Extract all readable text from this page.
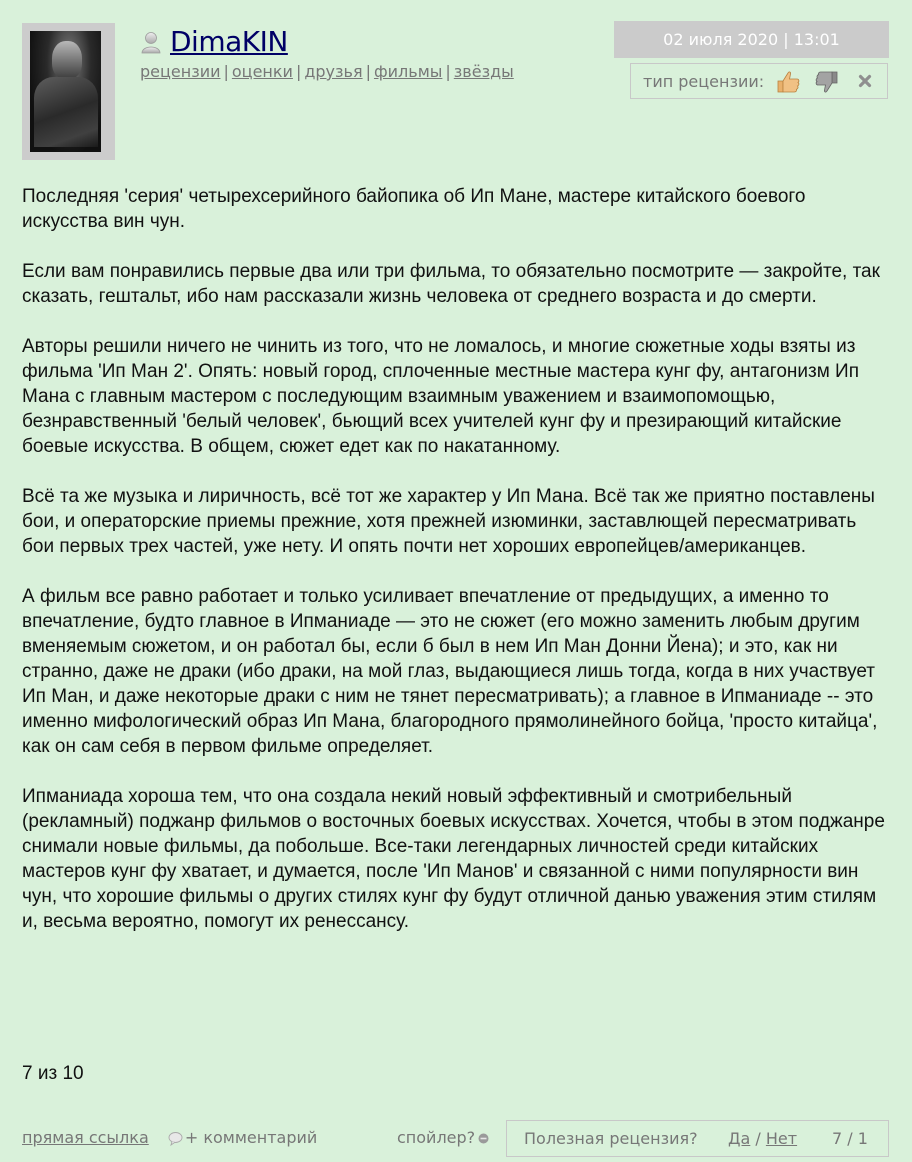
DimaKIN
рецензии | оценки | друзья | фильмы | звёзды
02 июля 2020 | 13:01
тип рецензии:

Последняя 'серия' четырехсерийного байопика об Ип Мане, мастере китайского боевого искусства вин чун.

Если вам понравились первые два или три фильма, то обязательно посмотрите — закройте, так сказать, гештальт, ибо нам рассказали жизнь человека от среднего возраста и до смерти.

Авторы решили ничего не чинить из того, что не ломалось, и многие сюжетные ходы взяты из фильма 'Ип Ман 2'. Опять: новый город, сплоченные местные мастера кунг фу, антагонизм Ип Мана с главным мастером с последующим взаимным уважением и взаимопомощью, безнравственный 'белый человек', бьющий всех учителей кунг фу и презирающий китайские боевые искусства. В общем, сюжет едет как по накатанному.

Всё та же музыка и лиричность, всё тот же характер у Ип Мана. Всё так же приятно поставлены бои, и операторские приемы прежние, хотя прежней изюминки, заставлющей пересматривать бои первых трех частей, уже нету. И опять почти нет хороших европейцев/американцев.

А фильм все равно работает и только усиливает впечатление от предыдущих, а именно то впечатление, будто главное в Ипманиаде — это не сюжет (его можно заменить любым другим вменяемым сюжетом, и он работал бы, если б был в нем Ип Ман Донни Йена); и это, как ни странно, даже не драки (ибо драки, на мой глаз, выдающиеся лишь тогда, когда в них участвует Ип Ман, и даже некоторые драки с ним не тянет пересматривать); а главное в Ипманиаде -- это именно мифологический образ Ип Мана, благородного прямолинейного бойца, 'просто китайца', как он сам себя в первом фильме определяет.

Ипманиада хороша тем, что она создала некий новый эффективный и смотрибельный (рекламный) поджанр фильмов о восточных боевых искусствах. Хочется, чтобы в этом поджанре снимали новые фильмы, да побольше. Все-таки легендарных личностей среди китайских мастеров кунг фу хватает, и думается, после 'Ип Манов' и связанной с ними популярности вин чун, что хорошие фильмы о других стилях кунг фу будут отличной данью уважения этим стилям и, весьма вероятно, помогут их ренессансу.

7 из 10
прямая ссылка + комментарий	спойлер?	Полезная рецензия? Да / Нет 7 / 1
